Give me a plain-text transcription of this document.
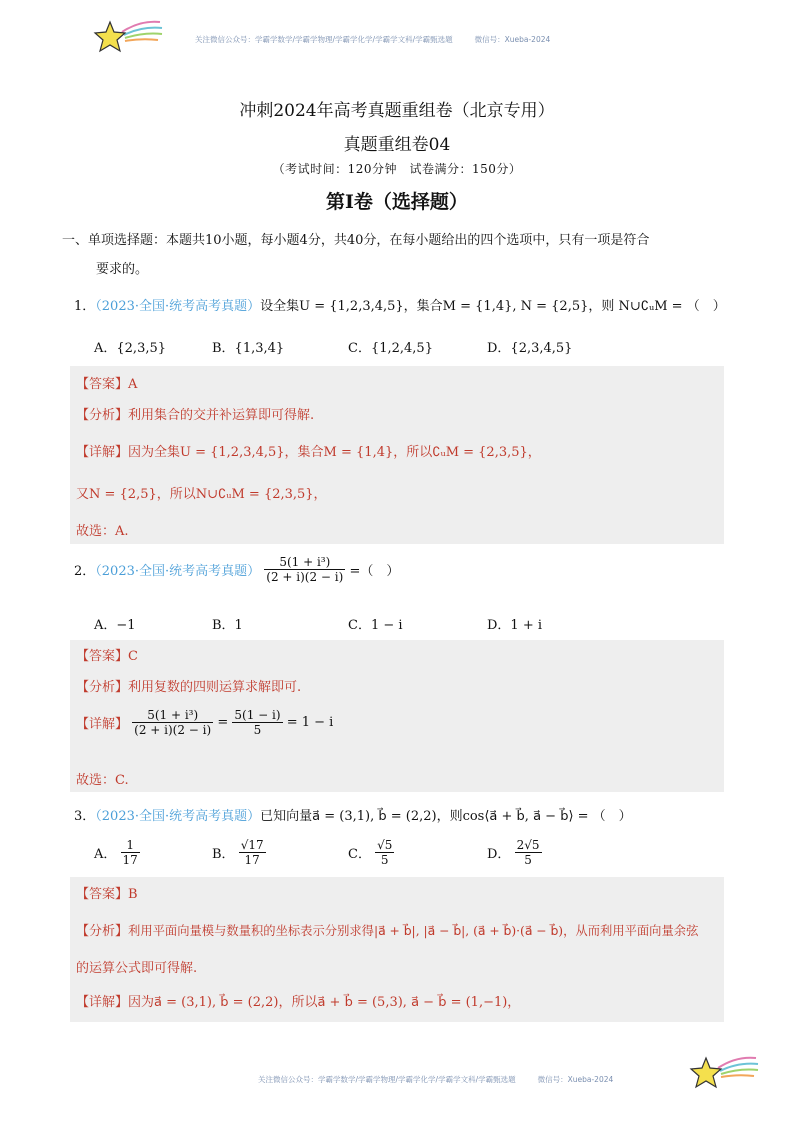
关注微信公众号：学霸学数学/学霸学物理/学霸学化学/学霸学文科/学霸甄选题	微信号：Xueba-2024
冲刺2024年高考真题重组卷（北京专用）
真题重组卷04
（考试时间：120分钟　试卷满分：150分）
第I卷（选择题）
一、单项选择题：本题共10小题，每小题4分，共40分，在每小题给出的四个选项中，只有一项是符合
要求的。
1．（2023·全国·统考高考真题）设全集U = {1,2,3,4,5}，集合M = {1,4}, N = {2,5}，则 N∪∁ᵤM = （　）
A．{2,3,5}	B．{1,3,4}	C．{1,2,4,5}	D．{2,3,4,5}
【答案】A
【分析】利用集合的交并补运算即可得解.
【详解】因为全集U = {1,2,3,4,5}，集合M = {1,4}，所以∁ᵤM = {2,3,5}，
又N = {2,5}，所以N∪∁ᵤM = {2,3,5}，
故选：A.
2．（2023·全国·统考高考真题） $\frac{\text{5(1 + i³)}}{(2 + i)(2 - i)}$ =（　）
A．−1	B．1	C．1 − i	D．1 + i
【答案】C
【分析】利用复数的四则运算求解即可.
【详解】 $\frac{\text{5(1 + i³)}}{(2 + i)(2 - i)} = \frac{5(1 - i)}{5} = 1 - i$
故选：C.
3．（2023·全国·统考高考真题）已知向量a⃗ = (3,1), b⃗ = (2,2)，则cos⟨a⃗ + b⃗, a⃗ − b⃗⟩ = （　）
A． $\frac{1}{17}$	B． $\frac{√17}{17}$	C． $\frac{√5}{5}$	D． $\frac{2√5}{5}$
【答案】B
【分析】利用平面向量模与数量积的坐标表示分别求得|a⃗ + b⃗|, |a⃗ − b⃗|, (a⃗ + b⃗)·(a⃗ − b⃗)，从而利用平面向量余弦
的运算公式即可得解.
【详解】因为a⃗ = (3,1), b⃗ = (2,2)，所以a⃗ + b⃗ = (5,3), a⃗ − b⃗ = (1,−1)，
关注微信公众号：学霸学数学/学霸学物理/学霸学化学/学霸学文科/学霸甄选题	微信号：Xueba-2024
